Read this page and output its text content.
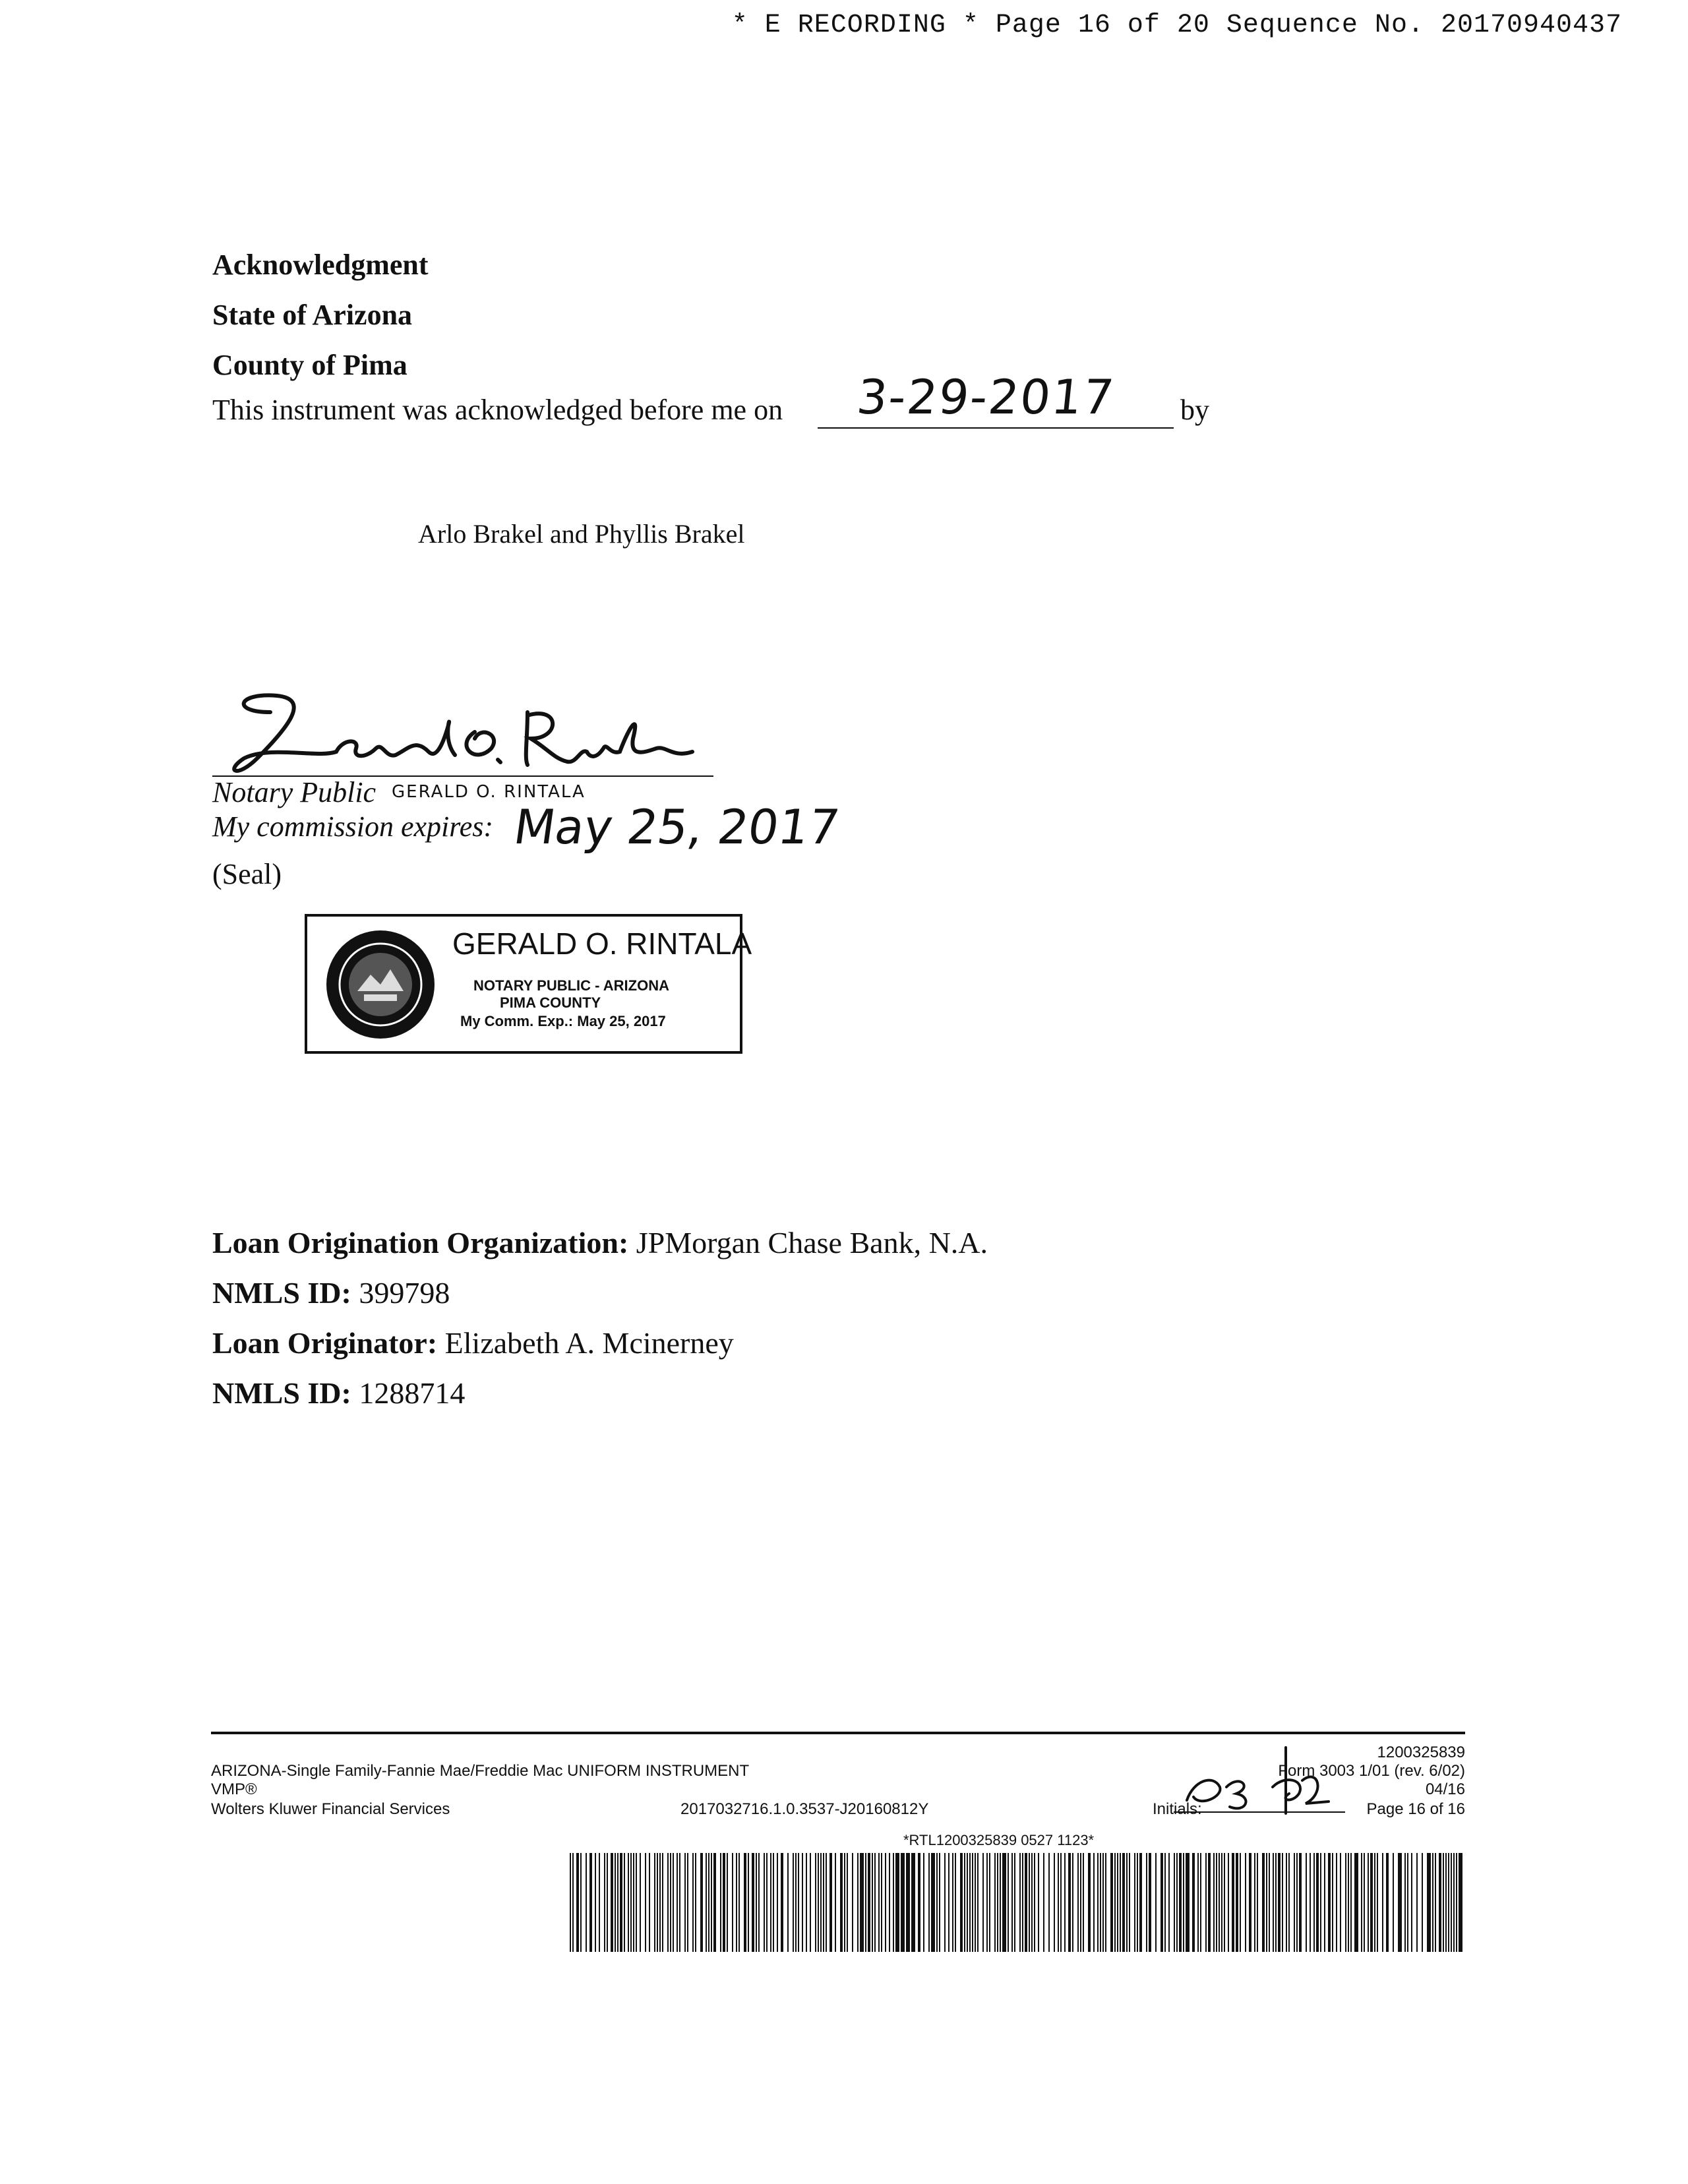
* E RECORDING * Page 16 of 20 Sequence No. 20170940437
Acknowledgment
State of Arizona
County of Pima
This instrument was acknowledged before me on 3-29-2017 by
Arlo Brakel and Phyllis Brakel
Notary Public GERALD O. RINTALA
My commission expires: May 25, 2017
(Seal)
GERALD O. RINTALA
NOTARY PUBLIC - ARIZONA
PIMA COUNTY
My Comm. Exp.: May 25, 2017
Loan Origination Organization: JPMorgan Chase Bank, N.A.
NMLS ID: 399798
Loan Originator: Elizabeth A. Mcinerney
NMLS ID: 1288714
1200325839
ARIZONA-Single Family-Fannie Mae/Freddie Mac UNIFORM INSTRUMENT	Form 3003 1/01 (rev. 6/02)
VMP®	04/16
Wolters Kluwer Financial Services	2017032716.1.0.3537-J20160812Y	Initials:	Page 16 of 16
*RTL1200325839 0527 1123*
